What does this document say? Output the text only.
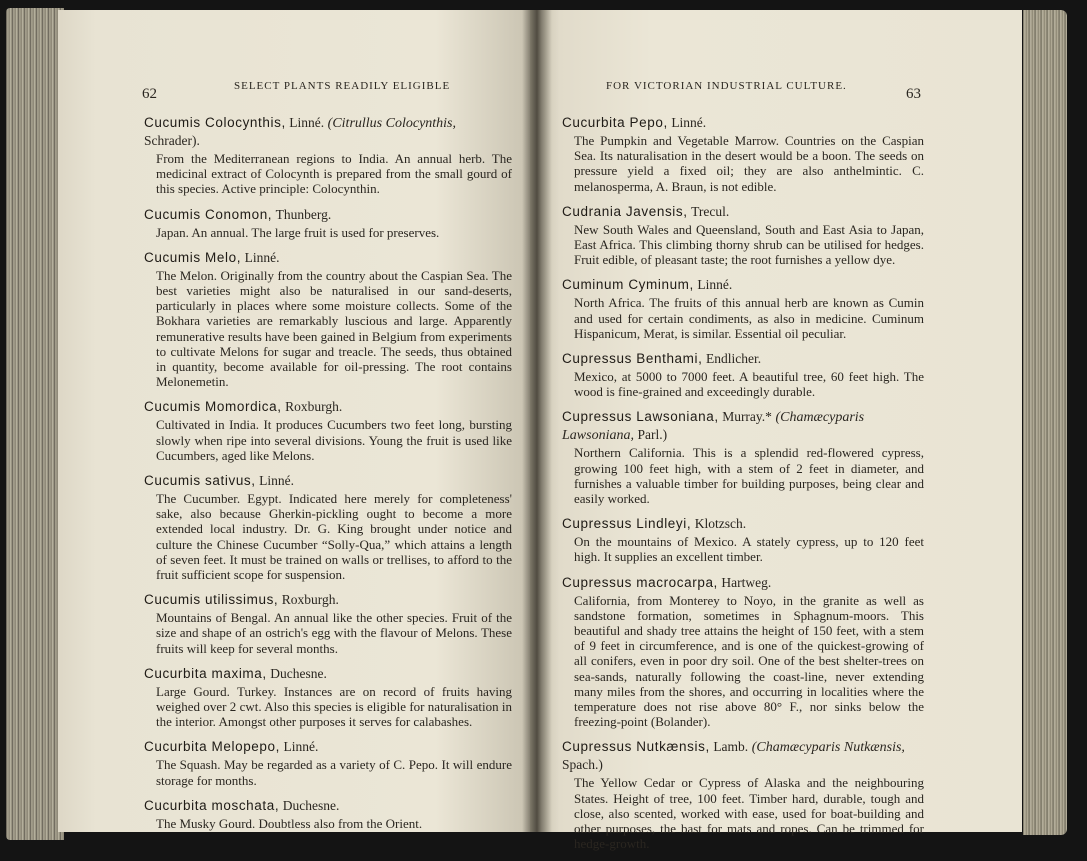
62	SELECT PLANTS READILY ELIGIBLE
Cucumis Colocynthis, Linné. (Citrullus Colocynthis, Schrader).
From the Mediterranean regions to India. An annual herb. The medicinal extract of Colocynth is prepared from the small gourd of this species. Active principle: Colocynthin.
Cucumis Conomon, Thunberg.
Japan. An annual. The large fruit is used for preserves.
Cucumis Melo, Linné.
The Melon. Originally from the country about the Caspian Sea. The best varieties might also be naturalised in our sand-deserts, particularly in places where some moisture collects. Some of the Bokhara varieties are remarkably luscious and large. Apparently remunerative results have been gained in Belgium from experiments to cultivate Melons for sugar and treacle. The seeds, thus obtained in quantity, become available for oil-pressing. The root contains Melonemetin.
Cucumis Momordica, Roxburgh.
Cultivated in India. It produces Cucumbers two feet long, bursting slowly when ripe into several divisions. Young the fruit is used like Cucumbers, aged like Melons.
Cucumis sativus, Linné.
The Cucumber. Egypt. Indicated here merely for completeness' sake, also because Gherkin-pickling ought to become a more extended local industry. Dr. G. King brought under notice and culture the Chinese Cucumber “Solly-Qua,” which attains a length of seven feet. It must be trained on walls or trellises, to afford to the fruit sufficient scope for suspension.
Cucumis utilissimus, Roxburgh.
Mountains of Bengal. An annual like the other species. Fruit of the size and shape of an ostrich's egg with the flavour of Melons. These fruits will keep for several months.
Cucurbita maxima, Duchesne.
Large Gourd. Turkey. Instances are on record of fruits having weighed over 2 cwt. Also this species is eligible for naturalisation in the interior. Amongst other purposes it serves for calabashes.
Cucurbita Melopepo, Linné.
The Squash. May be regarded as a variety of C. Pepo. It will endure storage for months.
Cucurbita moschata, Duchesne.
The Musky Gourd. Doubtless also from the Orient.
FOR VICTORIAN INDUSTRIAL CULTURE.	63
Cucurbita Pepo, Linné.
The Pumpkin and Vegetable Marrow. Countries on the Caspian Sea. Its naturalisation in the desert would be a boon. The seeds on pressure yield a fixed oil; they are also anthelmintic. C. melanosperma, A. Braun, is not edible.
Cudrania Javensis, Trecul.
New South Wales and Queensland, South and East Asia to Japan, East Africa. This climbing thorny shrub can be utilised for hedges. Fruit edible, of pleasant taste; the root furnishes a yellow dye.
Cuminum Cyminum, Linné.
North Africa. The fruits of this annual herb are known as Cumin and used for certain condiments, as also in medicine. Cuminum Hispanicum, Merat, is similar. Essential oil peculiar.
Cupressus Benthami, Endlicher.
Mexico, at 5000 to 7000 feet. A beautiful tree, 60 feet high. The wood is fine-grained and exceedingly durable.
Cupressus Lawsoniana, Murray.* (Chamæcyparis Lawsoniana, Parl.)
Northern California. This is a splendid red-flowered cypress, growing 100 feet high, with a stem of 2 feet in diameter, and furnishes a valuable timber for building purposes, being clear and easily worked.
Cupressus Lindleyi, Klotzsch.
On the mountains of Mexico. A stately cypress, up to 120 feet high. It supplies an excellent timber.
Cupressus macrocarpa, Hartweg.
California, from Monterey to Noyo, in the granite as well as sandstone formation, sometimes in Sphagnum-moors. This beautiful and shady tree attains the height of 150 feet, with a stem of 9 feet in circumference, and is one of the quickest-growing of all conifers, even in poor dry soil. One of the best shelter-trees on sea-sands, naturally following the coast-line, never extending many miles from the shores, and occurring in localities where the temperature does not rise above 80° F., nor sinks below the freezing-point (Bolander).
Cupressus Nutkænsis, Lamb. (Chamæcyparis Nutkænsis, Spach.)
The Yellow Cedar or Cypress of Alaska and the neighbouring States. Height of tree, 100 feet. Timber hard, durable, tough and close, also scented, worked with ease, used for boat-building and other purposes, the bast for mats and ropes. Can be trimmed for hedge-growth.
